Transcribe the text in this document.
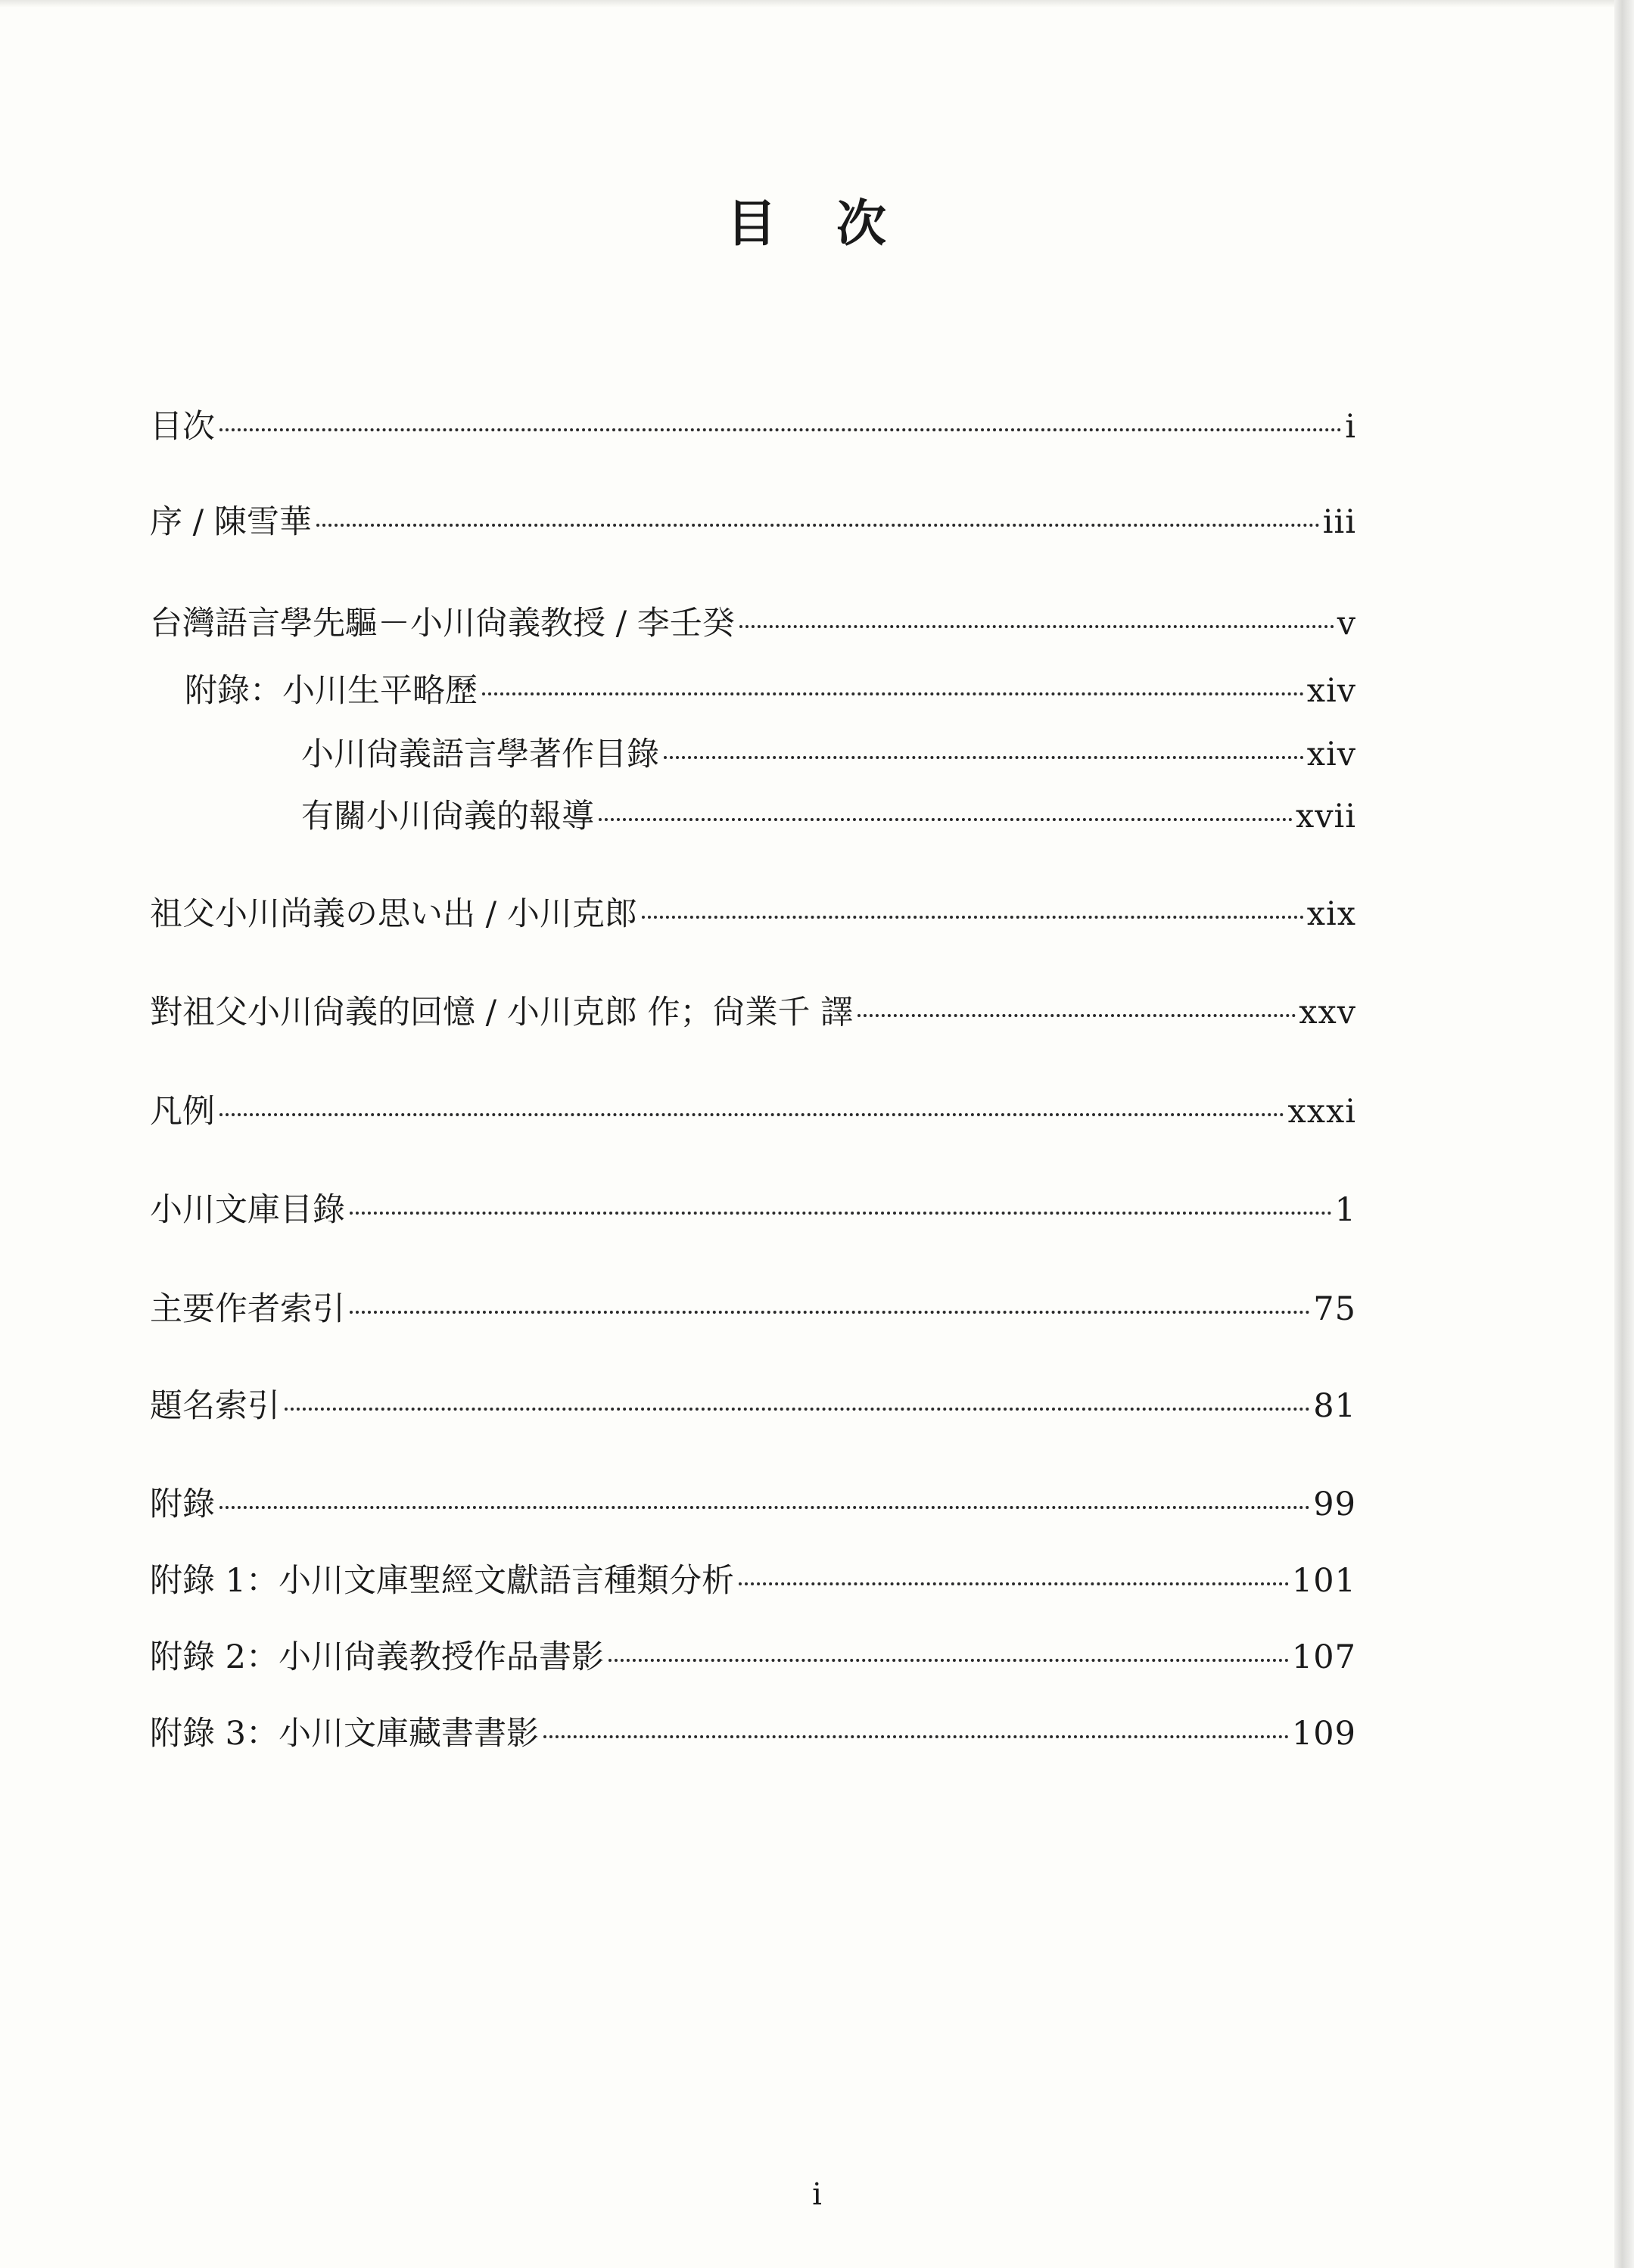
目 次
目次	i
序 / 陳雪華	iii
台灣語言學先驅－小川尙義教授 / 李壬癸	v
附錄：小川生平略歷	xiv
小川尙義語言學著作目錄	xiv
有關小川尙義的報導	xvii
祖父小川尚義の思い出 / 小川克郎	xix
對祖父小川尙義的回憶 / 小川克郎 作；尙業千 譯	xxv
凡例	xxxi
小川文庫目錄	1
主要作者索引	75
題名索引	81
附錄	99
附錄 1：小川文庫聖經文獻語言種類分析	101
附錄 2：小川尙義教授作品書影	107
附錄 3：小川文庫藏書書影	109
i
